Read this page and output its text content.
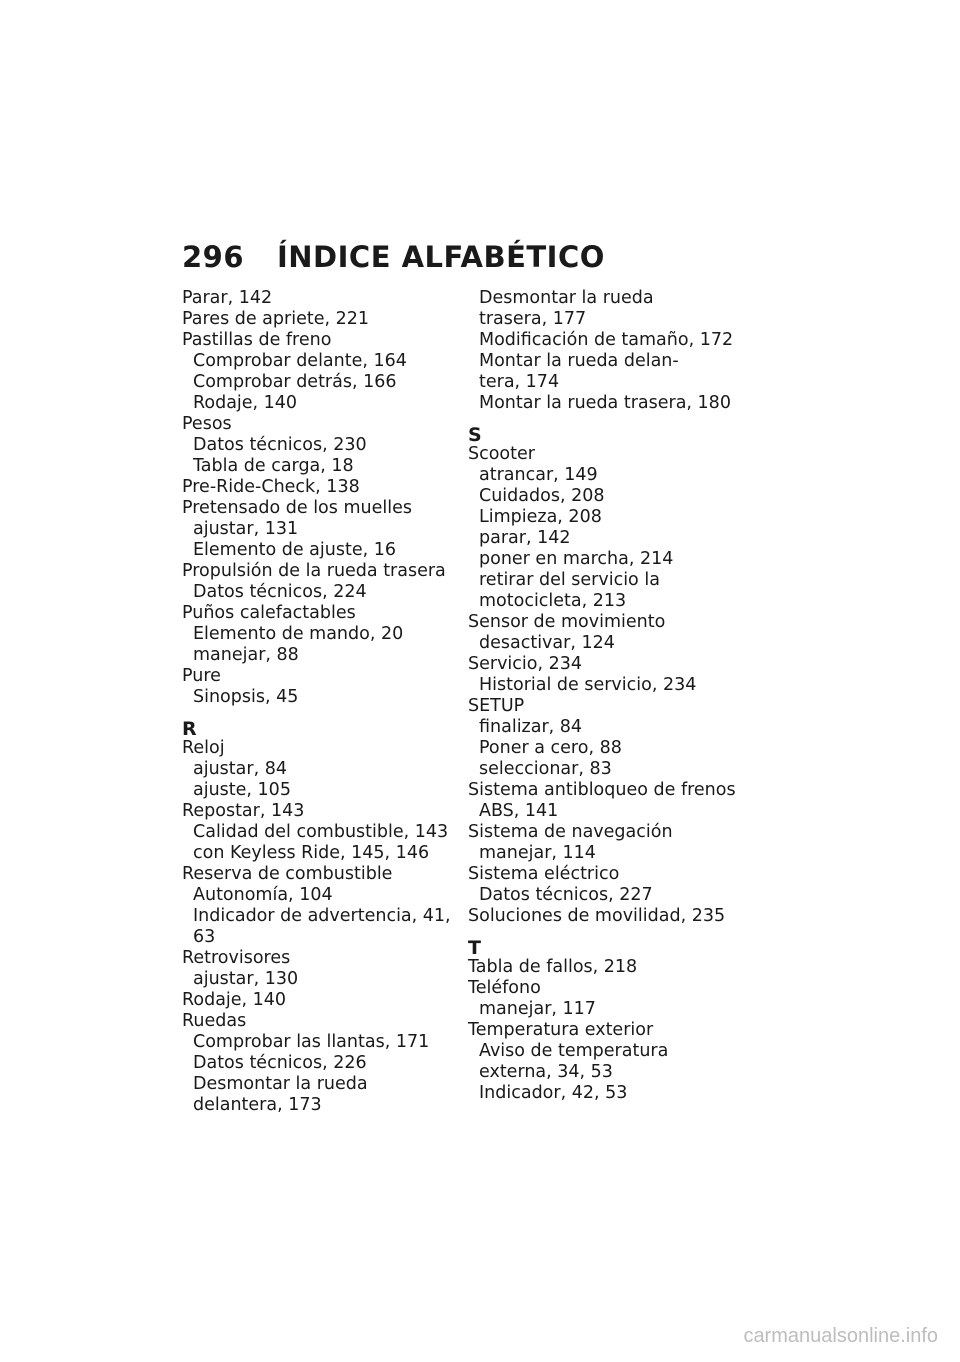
296	ÍNDICE ALFABÉTICO
Parar, 142
Pares de apriete, 221
Pastillas de freno
Comprobar delante, 164
Comprobar detrás, 166
Rodaje, 140
Pesos
Datos técnicos, 230
Tabla de carga, 18
Pre-Ride-Check, 138
Pretensado de los muelles
ajustar, 131
Elemento de ajuste, 16
Propulsión de la rueda trasera
Datos técnicos, 224
Puños calefactables
Elemento de mando, 20
manejar, 88
Pure
Sinopsis, 45
R
Reloj
ajustar, 84
ajuste, 105
Repostar, 143
Calidad del combustible, 143
con Keyless Ride, 145, 146
Reserva de combustible
Autonomía, 104
Indicador de advertencia, 41,
63
Retrovisores
ajustar, 130
Rodaje, 140
Ruedas
Comprobar las llantas, 171
Datos técnicos, 226
Desmontar la rueda
delantera, 173
Desmontar la rueda
trasera, 177
Modificación de tamaño, 172
Montar la rueda delan-
tera, 174
Montar la rueda trasera, 180
S
Scooter
atrancar, 149
Cuidados, 208
Limpieza, 208
parar, 142
poner en marcha, 214
retirar del servicio la
motocicleta, 213
Sensor de movimiento
desactivar, 124
Servicio, 234
Historial de servicio, 234
SETUP
finalizar, 84
Poner a cero, 88
seleccionar, 83
Sistema antibloqueo de frenos
ABS, 141
Sistema de navegación
manejar, 114
Sistema eléctrico
Datos técnicos, 227
Soluciones de movilidad, 235
T
Tabla de fallos, 218
Teléfono
manejar, 117
Temperatura exterior
Aviso de temperatura
externa, 34, 53
Indicador, 42, 53
carmanualsonline.info
